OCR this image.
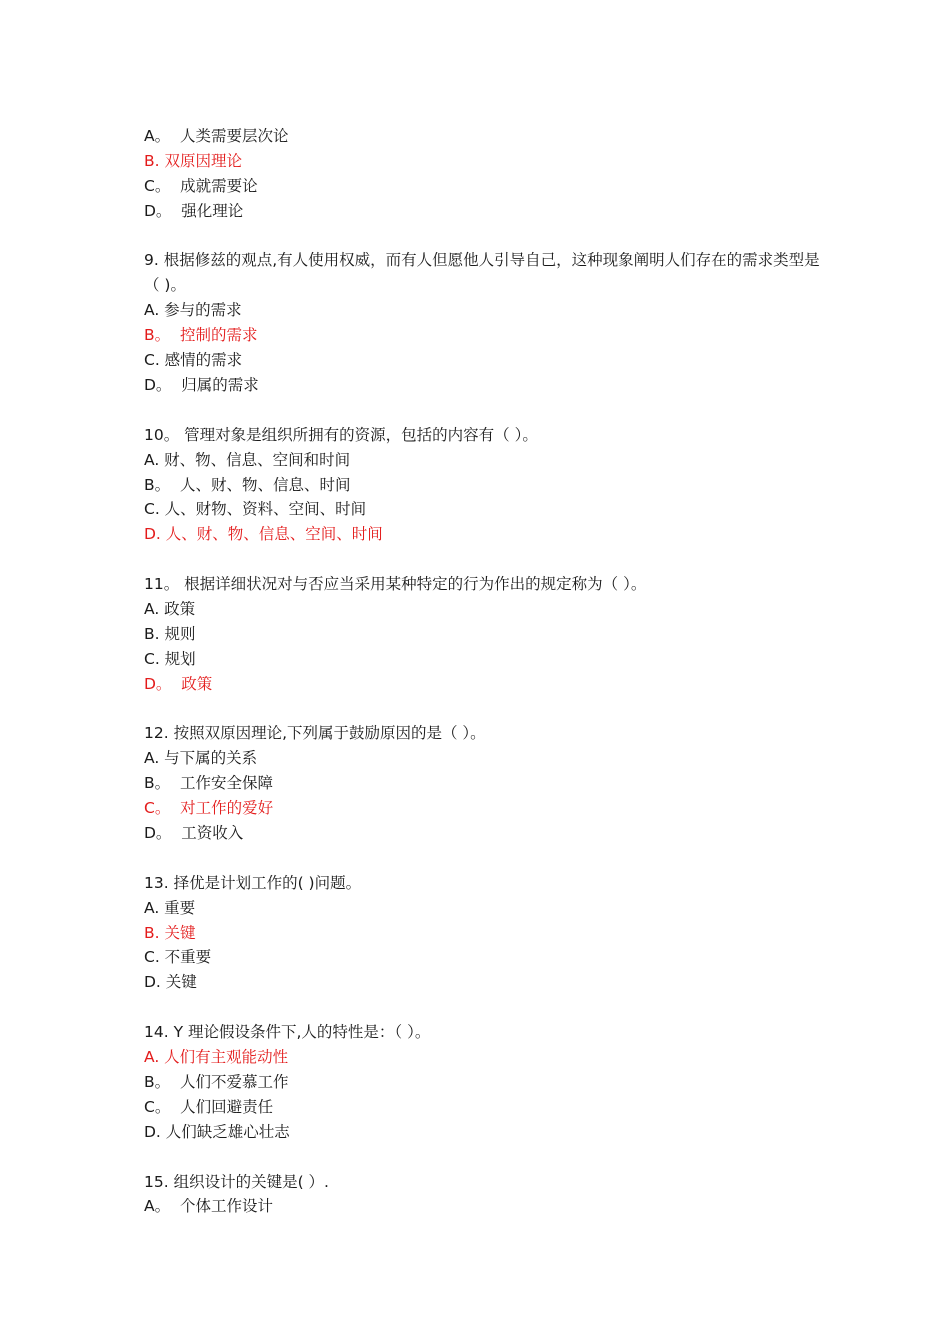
A。  人类需要层次论
B. 双原因理论
C。  成就需要论
D。  强化理论
9. 根据修兹的观点,有人使用权威，而有人但愿他人引导自己，这种现象阐明人们存在的需求类型是（ )。
A. 参与的需求
B。  控制的需求
C. 感情的需求
D。  归属的需求
10。 管理对象是组织所拥有的资源，包括的内容有（ ）。
A. 财、物、信息、空间和时间
B。  人、财、物、信息、时间
C. 人、财物、资料、空间、时间
D. 人、财、物、信息、空间、时间
11。 根据详细状况对与否应当采用某种特定的行为作出的规定称为（ ）。
A. 政策
B. 规则
C. 规划
D。  政策
12. 按照双原因理论,下列属于鼓励原因的是（ ）。
A. 与下属的关系
B。  工作安全保障
C。  对工作的爱好
D。  工资收入
13. 择优是计划工作的( )问题。
A. 重要
B. 关键
C. 不重要
D. 关键
14. Y 理论假设条件下,人的特性是：（ ）。
A. 人们有主观能动性
B。  人们不爱慕工作
C。  人们回避责任
D. 人们缺乏雄心壮志
15. 组织设计的关键是( ）.
A。  个体工作设计
